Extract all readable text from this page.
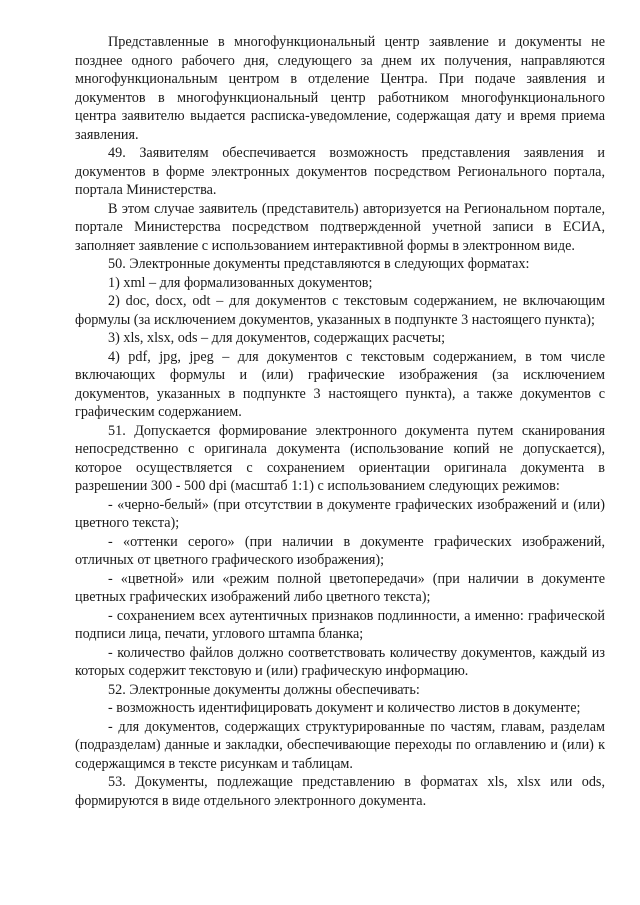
Представленные в многофункциональный центр заявление и документы не позднее одного рабочего дня, следующего за днем их получения, направляются многофункциональным центром в отделение Центра. При подаче заявления и документов в многофункциональный центр работником многофункционального центра заявителю выдается расписка-уведомление, содержащая дату и время приема заявления.

49. Заявителям обеспечивается возможность представления заявления и документов в форме электронных документов посредством Регионального портала, портала Министерства.

В этом случае заявитель (представитель) авторизуется на Региональном портале, портале Министерства посредством подтвержденной учетной записи в ЕСИА, заполняет заявление с использованием интерактивной формы в электронном виде.

50. Электронные документы представляются в следующих форматах:

1) xml – для формализованных документов;

2) doc, docx, odt – для документов с текстовым содержанием, не включающим формулы (за исключением документов, указанных в подпункте 3 настоящего пункта);

3) xls, xlsx, ods – для документов, содержащих расчеты;

4) pdf, jpg, jpeg – для документов с текстовым содержанием, в том числе включающих формулы и (или) графические изображения (за исключением документов, указанных в подпункте 3 настоящего пункта), а также документов с графическим содержанием.

51. Допускается формирование электронного документа путем сканирования непосредственно с оригинала документа (использование копий не допускается), которое осуществляется с сохранением ориентации оригинала документа в разрешении 300 - 500 dpi (масштаб 1:1) с использованием следующих режимов:

- «черно-белый» (при отсутствии в документе графических изображений и (или) цветного текста);

- «оттенки серого» (при наличии в документе графических изображений, отличных от цветного графического изображения);

- «цветной» или «режим полной цветопередачи» (при наличии в документе цветных графических изображений либо цветного текста);

- сохранением всех аутентичных признаков подлинности, а именно: графической подписи лица, печати, углового штампа бланка;

- количество файлов должно соответствовать количеству документов, каждый из которых содержит текстовую и (или) графическую информацию.

52. Электронные документы должны обеспечивать:

- возможность идентифицировать документ и количество листов в документе;

- для документов, содержащих структурированные по частям, главам, разделам (подразделам) данные и закладки, обеспечивающие переходы по оглавлению и (или) к содержащимся в тексте рисункам и таблицам.

53. Документы, подлежащие представлению в форматах xls, xlsx или ods, формируются в виде отдельного электронного документа.
